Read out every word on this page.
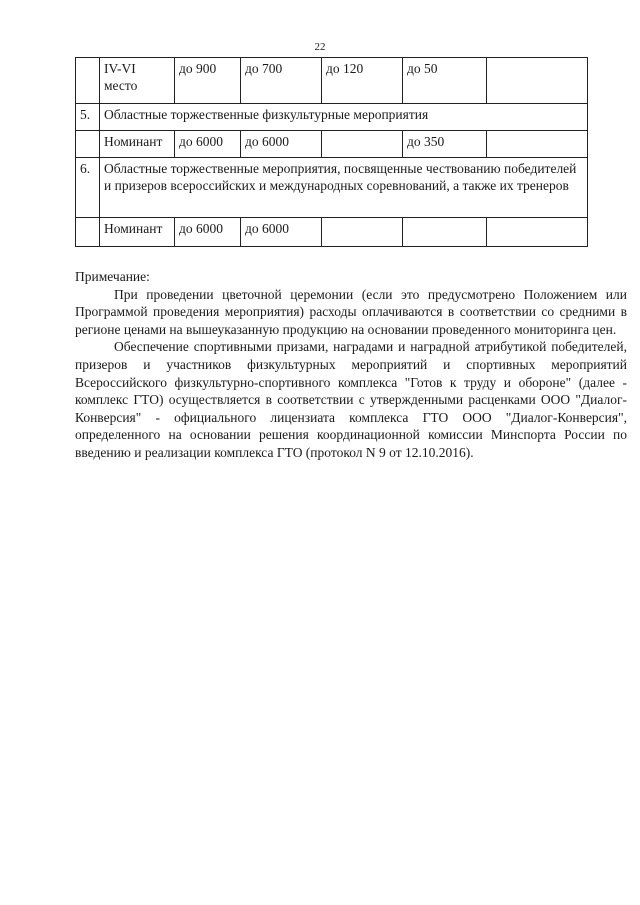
22
	IV-VI место	до 900	до 700	до 120	до 50	
5.	Областные торжественные физкультурные мероприятия					
	Номинант	до 6000	до 6000		до 350	
6.	Областные торжественные мероприятия, посвященные чествованию победителей и призеров всероссийских и международных соревнований, а также их тренеров					
	Номинант	до 6000	до 6000			

Примечание:

При проведении цветочной церемонии (если это предусмотрено Положением или Программой проведения мероприятия) расходы оплачиваются в соответствии со средними в регионе ценами на вышеуказанную продукцию на основании проведенного мониторинга цен.

Обеспечение спортивными призами, наградами и наградной атрибутикой победителей, призеров и участников физкультурных мероприятий и спортивных мероприятий Всероссийского физкультурно-спортивного комплекса "Готов к труду и обороне" (далее - комплекс ГТО) осуществляется в соответствии с утвержденными расценками ООО "Диалог-Конверсия" - официального лицензиата комплекса ГТО ООО "Диалог-Конверсия", определенного на основании решения координационной комиссии Минспорта России по введению и реализации комплекса ГТО (протокол N 9 от 12.10.2016).
